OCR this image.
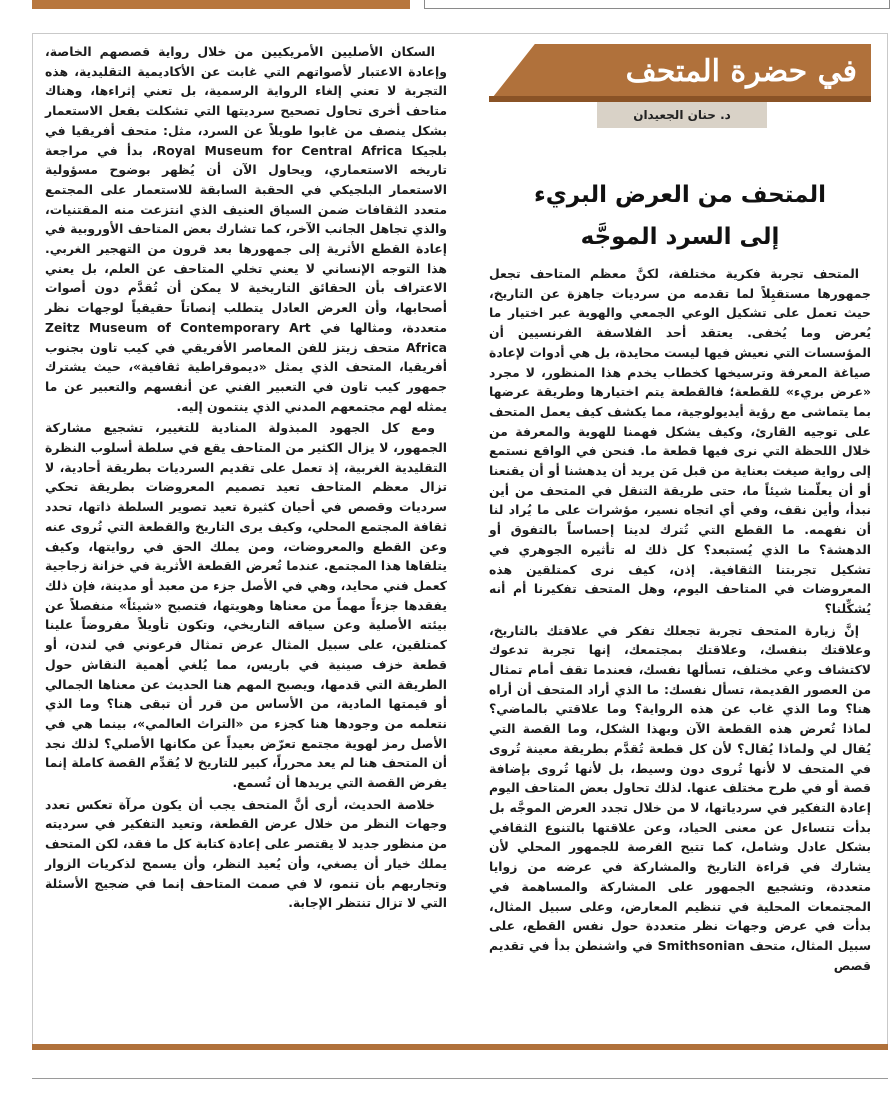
في حضرة المتحف
د. حنان الجعيدان
المتحف من العرض البريء
إلى السرد الموجَّه

المتحف تجربة فكرية مختلفة، لكنَّ معظم المتاحف تجعل جمهورها مستقبِلاً لما تقدمه من سرديات جاهزة عن التاريخ، حيث تعمل على تشكيل الوعي الجمعي والهوية عبر اختيار ما يُعرض وما يُخفى. يعتقد أحد الفلاسفة الفرنسيين أن المؤسسات التي نعيش فيها ليست محايدة، بل هي أدوات لإعادة صياغة المعرفة وترسيخها كخطاب يخدم هذا المنظور، لا مجرد «عرض بريء» للقطعة؛ فالقطعة يتم اختيارها وطريقة عرضها بما يتماشى مع رؤية أيديولوجية، مما يكشف كيف يعمل المتحف على توجيه القارئ، وكيف يشكل فهمنا للهوية والمعرفة من خلال اللحظة التي نرى فيها قطعة ما. فنحن في الواقع نستمع إلى رواية صيغت بعناية من قبل مَن يريد أن يدهشنا أو أن يقنعنا أو أن يعلّمنا شيئاً ما، حتى طريقة التنقل في المتحف من أين نبدأ، وأين نقف، وفي أي اتجاه نسير، مؤشرات على ما يُراد لنا أن نفهمه. ما القطع التي تُترك لدينا إحساساً بالتفوق أو الدهشة؟ ما الذي يُستبعد؟ كل ذلك له تأثيره الجوهري في تشكيل تجربتنا الثقافية. إذن، كيف نرى كمتلقين هذه المعروضات في المتاحف اليوم، وهل المتحف تفكيرنا أم أنه يُشكِّلنا؟

إنَّ زيارة المتحف تجربة تجعلك تفكر في علاقتك بالتاريخ، وعلاقتك بنفسك، وعلاقتك بمجتمعك، إنها تجربة تدعوك لاكتشاف وعي مختلف، تسألها نفسك، فعندما تقف أمام تمثال من العصور القديمة، تسأل نفسك: ما الذي أراد المتحف أن أراه هنا؟ وما الذي غاب عن هذه الرواية؟ وما علاقتي بالماضي؟ لماذا تُعرض هذه القطعة الآن وبهذا الشكل، وما القصة التي يُقال لي ولماذا يُقال؟ لأن كل قطعة تُقدَّم بطريقة معينة تُروى في المتحف لا لأنها تُروى دون وسيط، بل لأنها تُروى بإضافة قصة أو في طرح مختلف عنها. لذلك تحاول بعض المتاحف اليوم إعادة التفكير في سردياتها، لا من خلال تجدد العرض الموجَّه بل بدأت تتساءل عن معنى الحياد، وعن علاقتها بالتنوع الثقافي بشكل عادل وشامل، كما تتيح الفرصة للجمهور المحلي لأن يشارك في قراءة التاريخ والمشاركة في عرضه من زوايا متعددة، وتشجيع الجمهور على المشاركة والمساهمة في المجتمعات المحلية في تنظيم المعارض، وعلى سبيل المثال، بدأت في عرض وجهات نظر متعددة حول نفس القطع، على سبيل المثال، متحف Smithsonian في واشنطن بدأ في تقديم قصص

السكان الأصليين الأمريكيين من خلال رواية قصصهم الخاصة، وإعادة الاعتبار لأصواتهم التي غابت عن الأكاديمية التقليدية، هذه التجربة لا تعني إلغاء الرواية الرسمية، بل تعني إثراءها، وهناك متاحف أخرى تحاول تصحيح سرديتها التي تشكلت بفعل الاستعمار بشكل ينصف من غابوا طويلاً عن السرد، مثل: متحف أفريقيا في بلجيكا Royal Museum for Central Africa، بدأ في مراجعة تاريخه الاستعماري، ويحاول الآن أن يُظهر بوضوح مسؤولية الاستعمار البلجيكي في الحقبة السابقة للاستعمار على المجتمع متعدد الثقافات ضمن السياق العنيف الذي انتزعت منه المقتنيات، والذي تجاهل الجانب الآخر، كما تشارك بعض المتاحف الأوروبية في إعادة القطع الأثرية إلى جمهورها بعد قرون من التهجير الغربي. هذا التوجه الإنساني لا يعني تخلي المتاحف عن العلم، بل يعني الاعتراف بأن الحقائق التاريخية لا يمكن أن تُقدَّم دون أصوات أصحابها، وأن العرض العادل يتطلب إنصاتاً حقيقياً لوجهات نظر متعددة، ومثالها في Zeitz Museum of Contemporary Art Africa متحف زيتز للفن المعاصر الأفريقي في كيب تاون بجنوب أفريقيا، المتحف الذي يمثل «ديموقراطية ثقافية»، حيث يشترك جمهور كيب تاون في التعبير الفني عن أنفسهم والتعبير عن ما يمثله لهم مجتمعهم المدني الذي ينتمون إليه.

ومع كل الجهود المبذولة المنادية للتغيير، تشجيع مشاركة الجمهور، لا يزال الكثير من المتاحف يقع في سلطة أسلوب النظرة التقليدية الغربية، إذ تعمل على تقديم السرديات بطريقة أحادية، لا تزال معظم المتاحف تعيد تصميم المعروضات بطريقة تحكي سرديات وقصص في أحيان كثيرة تعيد تصوير السلطة ذاتها، تحدد ثقافة المجتمع المحلي، وكيف يرى التاريخ والقطعة التي تُروى عنه وعن القطع والمعروضات، ومن يملك الحق في روايتها، وكيف يتلقاها هذا المجتمع. عندما تُعرض القطعة الأثرية في خزانة زجاجية كعمل فني محايد، وهي في الأصل جزء من معبد أو مدينة، فإن ذلك يفقدها جزءاً مهماً من معناها وهويتها، فتصبح «شيئاً» منفصلاً عن بيئته الأصلية وعن سياقه التاريخي، وتكون تأويلاً مفروضاً علينا كمتلقين، على سبيل المثال عرض تمثال فرعوني في لندن، أو قطعة خزف صينية في باريس، مما يُلغي أهمية النقاش حول الطريقة التي قدمها، ويصبح المهم هنا الحديث عن معناها الجمالي أو قيمتها المادية، من الأساس من قرر أن تبقى هنا؟ وما الذي نتعلمه من وجودها هنا كجزء من «التراث العالمي»، بينما هي في الأصل رمز لهوية مجتمع تعرّض بعيداً عن مكانها الأصلي؟ لذلك نجد أن المتحف هنا لم يعد محرراً، كبير للتاريخ لا يُقدِّم القصة كاملة إنما يفرض القصة التي يريدها أن تُسمع.

خلاصة الحديث، أرى أنَّ المتحف يجب أن يكون مرآة تعكس تعدد وجهات النظر من خلال عرض القطعة، وتعيد التفكير في سرديته من منظور جديد لا يقتصر على إعادة كتابة كل ما فقد، لكن المتحف يملك خيار أن يصغي، وأن يُعيد النظر، وأن يسمح لذكريات الزوار وتجاربهم بأن تنمو، لا في صمت المتاحف إنما في ضجيج الأسئلة التي لا تزال تنتظر الإجابة.
